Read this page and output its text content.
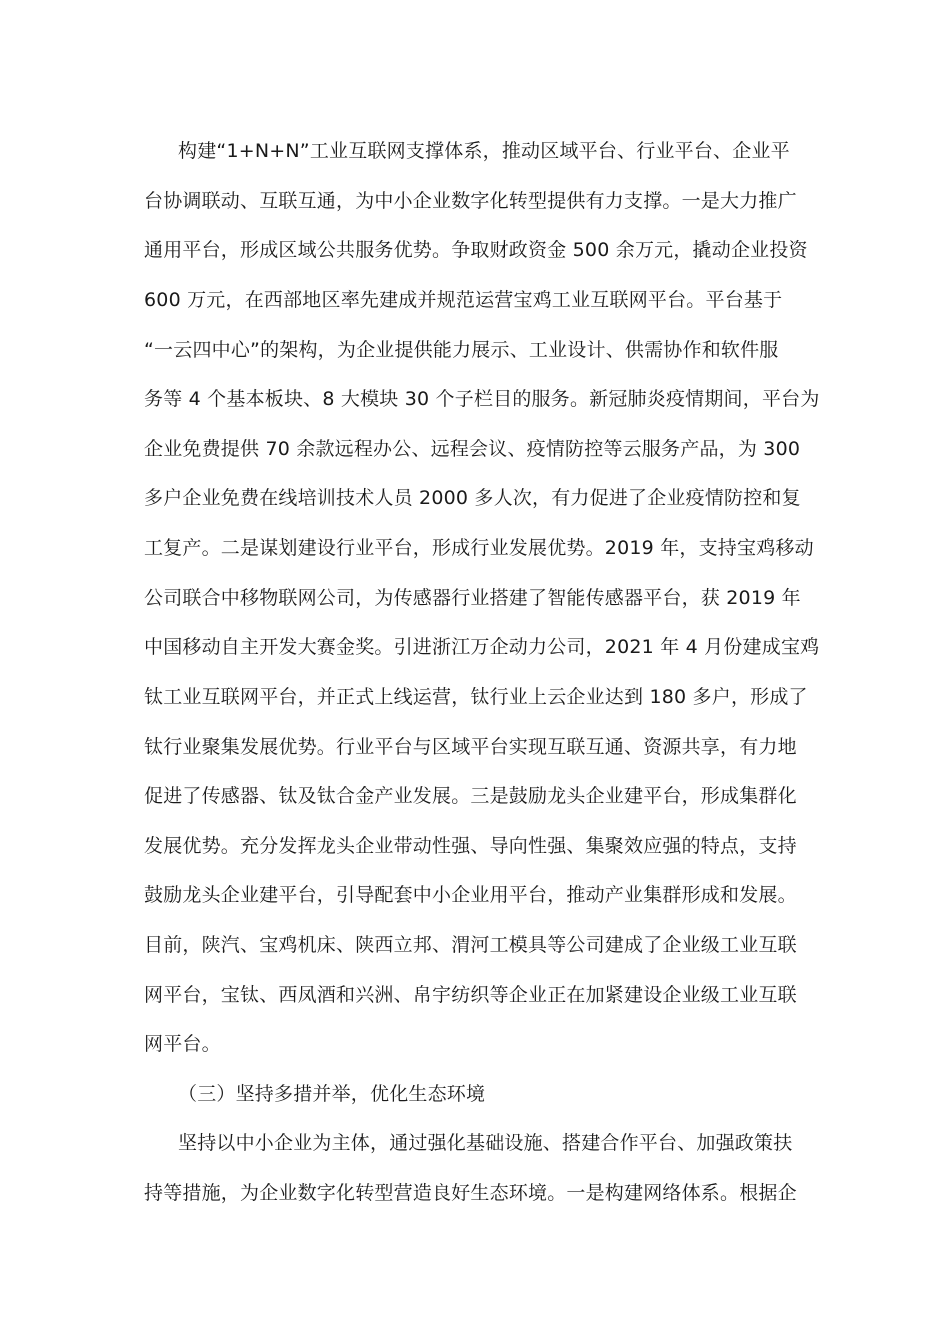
构建“1+N+N”工业互联网支撑体系，推动区域平台、行业平台、企业平
台协调联动、互联互通，为中小企业数字化转型提供有力支撑。一是大力推广
通用平台，形成区域公共服务优势。争取财政资金 500 余万元，撬动企业投资
600 万元，在西部地区率先建成并规范运营宝鸡工业互联网平台。平台基于
“一云四中心”的架构，为企业提供能力展示、工业设计、供需协作和软件服
务等 4 个基本板块、8 大模块 30 个子栏目的服务。新冠肺炎疫情期间，平台为
企业免费提供 70 余款远程办公、远程会议、疫情防控等云服务产品，为 300
多户企业免费在线培训技术人员 2000 多人次，有力促进了企业疫情防控和复
工复产。二是谋划建设行业平台，形成行业发展优势。2019 年，支持宝鸡移动
公司联合中移物联网公司，为传感器行业搭建了智能传感器平台，获 2019 年
中国移动自主开发大赛金奖。引进浙江万企动力公司，2021 年 4 月份建成宝鸡
钛工业互联网平台，并正式上线运营，钛行业上云企业达到 180 多户，形成了
钛行业聚集发展优势。行业平台与区域平台实现互联互通、资源共享，有力地
促进了传感器、钛及钛合金产业发展。三是鼓励龙头企业建平台，形成集群化
发展优势。充分发挥龙头企业带动性强、导向性强、集聚效应强的特点，支持
鼓励龙头企业建平台，引导配套中小企业用平台，推动产业集群形成和发展。
目前，陕汽、宝鸡机床、陕西立邦、渭河工模具等公司建成了企业级工业互联
网平台，宝钛、西凤酒和兴洲、帛宇纺织等企业正在加紧建设企业级工业互联
网平台。
（三）坚持多措并举，优化生态环境
坚持以中小企业为主体，通过强化基础设施、搭建合作平台、加强政策扶
持等措施，为企业数字化转型营造良好生态环境。一是构建网络体系。根据企
